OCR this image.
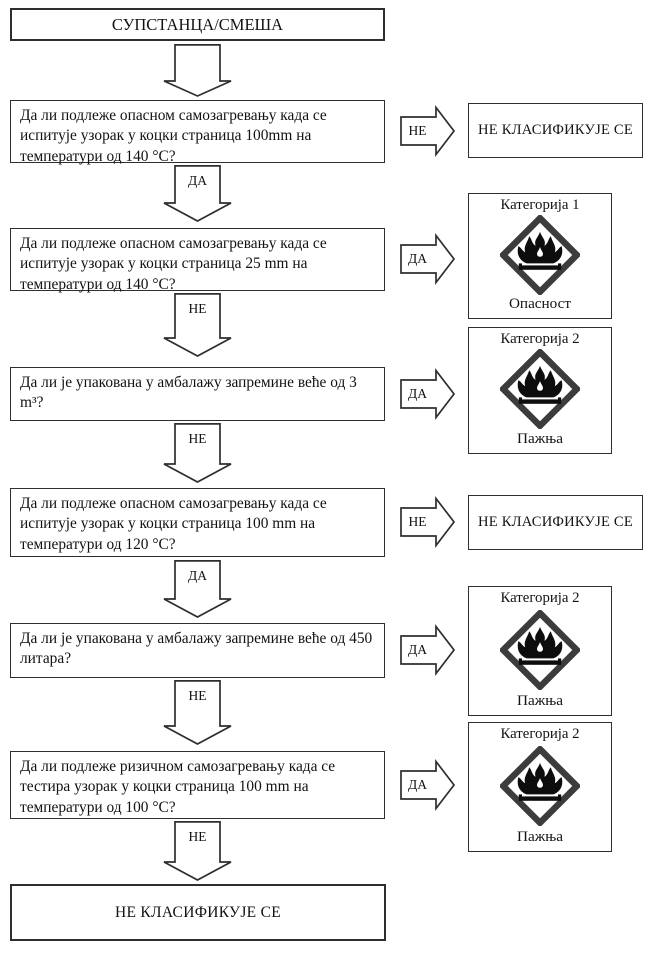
СУПСТАНЦА/СМЕША
Да ли подлеже опасном самозагревању када се испитује узорак у коцки страница 100mm на температури од 140 °C?
НЕ	НЕ КЛАСИФИКУЈЕ СЕ
ДА
Да ли подлеже опасном самозагревању када се испитује узорак у коцки страница 25 mm на температури од 140 °C?
ДА
Категорија 1
Опасност
НЕ
Да ли је упакована у амбалажу запремине веће од 3 m³?
ДА
Категорија 2
Пажња
НЕ
Да ли подлеже опасном самозагревању када се испитује узорак у коцки страница 100 mm на температури од 120 °C?
НЕ	НЕ КЛАСИФИКУЈЕ СЕ
ДА
Да ли је упакована у амбалажу запремине веће од 450 литара?
ДА
Категорија 2
Пажња
НЕ
Да ли подлеже ризичном самозагревању када се тестира узорак у коцки страница 100 mm на температури од 100 °C?
ДА
Категорија 2
Пажња
НЕ
НЕ КЛАСИФИКУЈЕ СЕ
